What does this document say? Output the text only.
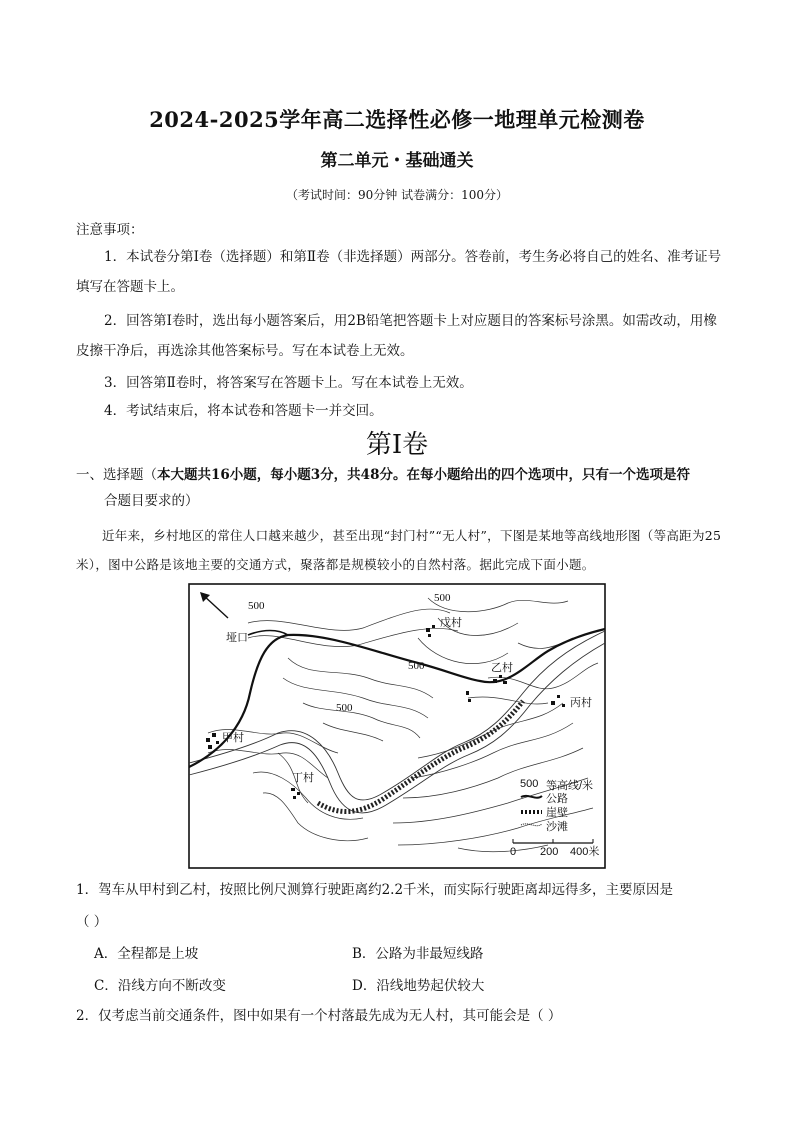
2024-2025学年高二选择性必修一地理单元检测卷
第二单元・基础通关
（考试时间：90分钟 试卷满分：100分）
注意事项：
1．本试卷分第Ⅰ卷（选择题）和第Ⅱ卷（非选择题）两部分。答卷前，考生务必将自己的姓名、准考证号填写在答题卡上。
2．回答第Ⅰ卷时，选出每小题答案后，用2B铅笔把答题卡上对应题目的答案标号涂黑。如需改动，用橡皮擦干净后，再选涂其他答案标号。写在本试卷上无效。
3．回答第Ⅱ卷时，将答案写在答题卡上。写在本试卷上无效。
4．考试结束后，将本试卷和答题卡一并交回。
第Ⅰ卷
一、选择题（本大题共16小题，每小题3分，共48分。在每小题给出的四个选项中，只有一个选项是符
合题目要求的）
近年来，乡村地区的常住人口越来越少，甚至出现“封门村”“无人村”，下图是某地等高线地形图（等高距为25米），图中公路是该地主要的交通方式，聚落都是规模较小的自然村落。据此完成下面小题。
垭口
甲村
乙村
丙村
丁村
戊村
500
500
500
500
500 等高线/米
公路
崖壁
沙滩
0 200 400米
1．驾车从甲村到乙村，按照比例尺测算行驶距离约2.2千米，而实际行驶距离却远得多，主要原因是
（ ）
A．全程都是上坡	B．公路为非最短线路
C．沿线方向不断改变	D．沿线地势起伏较大
2．仅考虑当前交通条件，图中如果有一个村落最先成为无人村，其可能会是（ ）
